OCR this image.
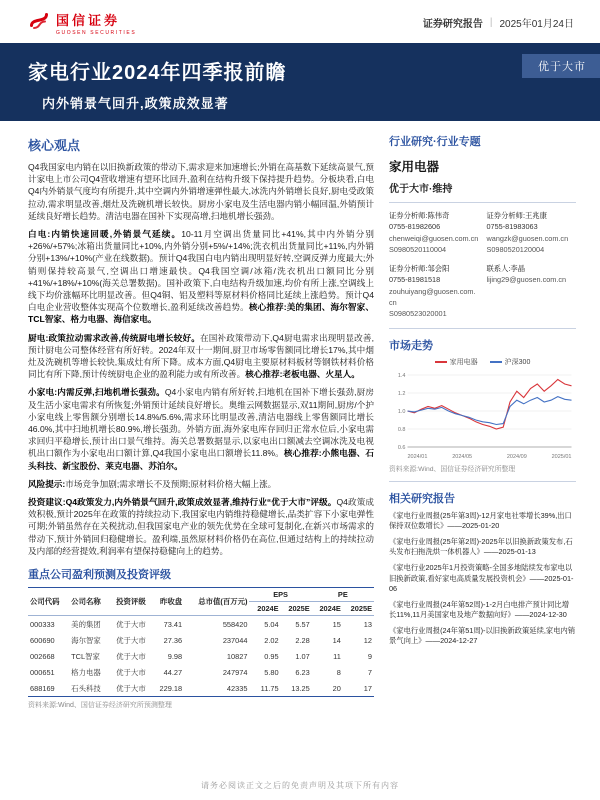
国信证券
GUOSEN SECURITIES
证券研究报告 | 2025年01月24日
家电行业2024年四季报前瞻
内外销景气回升,政策成效显著
优于大市
核心观点

Q4我国家电内销在以旧换新政策的带动下,需求迎来加速增长;外销在高基数下延续高景气,预计家电上市公司Q4营收增速有望环比回升,盈利在结构升级下保持提升趋势。分板块看,白电Q4内外销景气度均有所提升,其中空调内外销增速弹性最大,冰洗内外销增长良好,厨电受政策拉动,需求明显改善,烟灶及洗碗机增长较快。厨房小家电及生活电器内销小幅回温,外销预计延续良好增长趋势。清洁电器在国补下实现高增,扫地机增长强劲。

白电:内销快速回暖,外销景气延续。10-11月空调出货量同比+41%,其中内外销分别+26%/+57%;冰箱出货量同比+10%,内外销分别+5%/+14%;洗衣机出货量同比+11%,内外销分别+13%/+10%(产业在线数据)。预计Q4我国白电内销出现明显好转,空调反弹力度最大;外销则保持较高景气,空调出口增速最快。Q4我国空调/冰箱/洗衣机出口额同比分别+41%/+18%/+10%(海关总署数据)。国补政策下,白电结构升级加速,均价有所上涨,空调线上线下均价涨幅环比明显改善。但Q4铜、铝及塑料等原材料价格同比延续上涨趋势。预计Q4白电企业营收整体实现高个位数增长,盈利延续改善趋势。核心推荐:美的集团、海尔智家、TCL智家、格力电器、海信家电。

厨电:政策拉动需求改善,传统厨电增长较好。在国补政策带动下,Q4厨电需求出现明显改善,预计厨电公司整体经营有所好转。2024年双十一期间,厨卫市场零售额同比增长17%,其中烟灶及洗碗机等增长较快,集成灶有所下降。成本方面,Q4厨电主要原材料板材等钢铁材料价格同比有所下降,预计传统厨电企业的盈利能力或有所改善。核心推荐:老板电器、火星人。

小家电:内需反弹,扫地机增长强劲。Q4小家电内销有所好转,扫地机在国补下增长强劲,厨房及生活小家电需求有所恢复;外销预计延续良好增长。奥维云网数据显示,双11期间,厨房/个护小家电线上零售额分别增长14.8%/5.6%,需求环比明显改善,清洁电器线上零售额同比增长46.0%,其中扫地机增长80.9%,增长强劲。外销方面,海外家电库存回归正常水位后,小家电需求回归平稳增长,预计出口景气维持。海关总署数据显示,以家电出口额减去空调冰洗及电视机出口额作为小家电出口额计算,Q4我国小家电出口额增长11.8%。核心推荐:小熊电器、石头科技、新宝股份、莱克电器、苏泊尔。

风险提示:市场竞争加剧;需求增长不及预期;原材料价格大幅上涨。

投资建议:Q4政策发力,内外销景气回升,政策成效显著,维持行业“优于大市”评级。Q4政策成效积极,预计2025年在政策的持续拉动下,我国家电内销维持稳健增长,品类扩容下小家电弹性可期;外销虽然存在关税扰动,但我国家电产业的领先优势在全球可复制化,在新兴市场需求的带动下,预计外销回归稳健增长。盈利端,虽然原材料价格仍在高位,但通过结构上的持续拉动及内部的经营提效,利润率有望保持稳健向上的趋势。

重点公司盈利预测及投资评级
公司代码	公司名称	投资评级	昨收盘	总市值(百万元)	EPS		PE	
					2024E	2025E	2024E	2025E
000333	美的集团	优于大市	73.41	558420	5.04	5.57	15	13
600690	海尔智家	优于大市	27.36	237044	2.02	2.28	14	12
002668	TCL智家	优于大市	9.98	10827	0.95	1.07	11	9
000651	格力电器	优于大市	44.27	247974	5.80	6.23	8	7
688169	石头科技	优于大市	229.18	42335	11.75	13.25	20	17
资料来源:Wind、国信证券经济研究所预测整理
行业研究·行业专题
家用电器
优于大市·维持
证券分析师:陈伟奇
0755-81982606
chenweiqi@guosen.com.cn
S0980520110004
证券分析师:王兆康
0755-81983063
wangzk@guosen.com.cn
S0980520120004
证券分析师:邹会阳
0755-81981518
zouhuiyang@guosen.com.cn
S0980523020001
联系人:李晶
lijing29@guosen.com.cn
市场走势
家用电器	沪深300
0.6
0.8
1.0
1.2
1.4
2024/01	2024/05	2024/09	2025/01
资料来源:Wind、国信证券经济研究所整理
相关研究报告
《家电行业周报(25年第3周)-12月家电社零增长39%,出口保持双位数增长》——2025-01-20
《家电行业周报(25年第2周)-2025年以旧换新政策发布,石头发布扫拖洗烘一体机器人》——2025-01-13
《家电行业2025年1月投资策略-全国多地陆续发布家电以旧换新政策,看好家电高质量发展投资机会》——2025-01-06
《家电行业周报(24年第52周)-1-2月白电排产预计同比增长11%,11月美国家电及地产数据向好》——2024-12-30
《家电行业周报(24年第51周)-以旧换新政策延续,家电内销景气向上》——2024-12-27
请务必阅读正文之后的免责声明及其项下所有内容
